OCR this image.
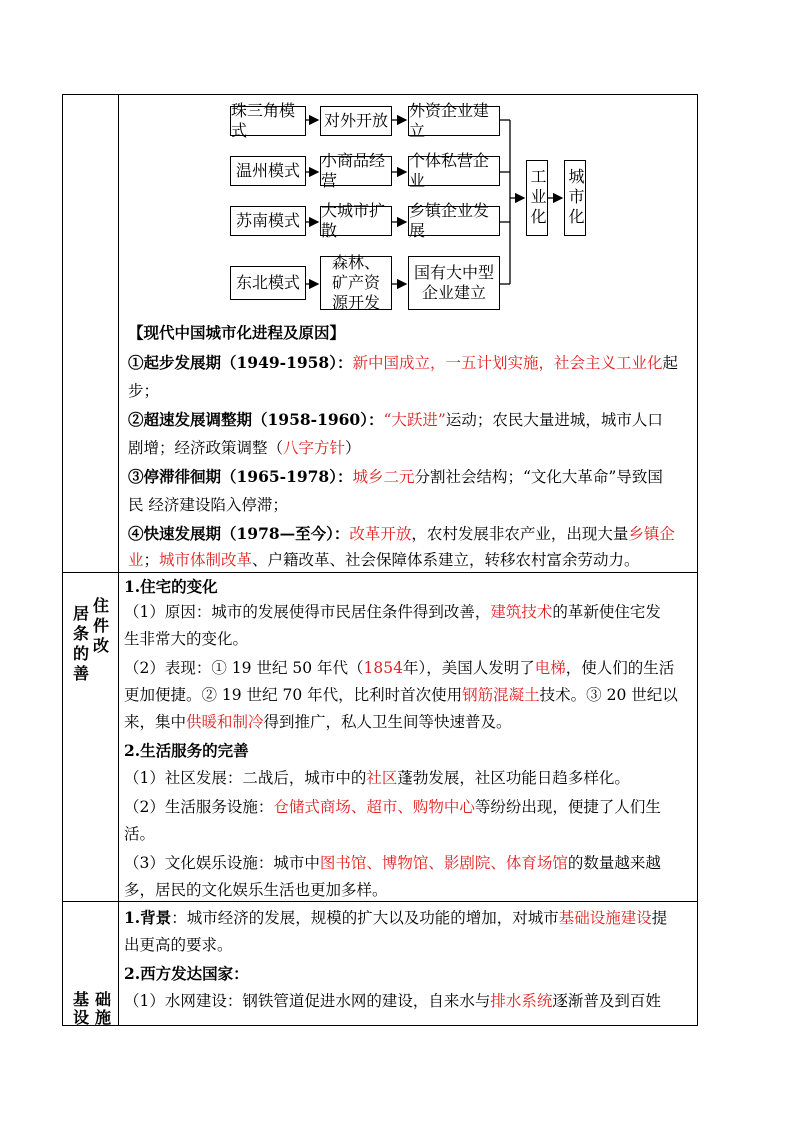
珠三角模式
对外开放
外资企业建立
温州模式
小商品经营
个体私营企业
苏南模式
大城市扩散
乡镇企业发展
东北模式
森林、矿产资源开发
国有大中型企业建立
工业化 城市化
【现代中国城市化进程及原因】
①起步发展期（1949-1958）：新中国成立，一五计划实施，社会主义工业化起
步；
②超速发展调整期（1958-1960）：“大跃进”运动；农民大量进城，城市人口
剧增；经济政策调整（八字方针）
③停滞徘徊期（1965-1978）：城乡二元分割社会结构；“文化大革命”导致国
民 经济建设陷入停滞；
④快速发展期（1978—至今）：改革开放，农村发展非农产业，出现大量乡镇企
业；城市体制改革、户籍改革、社会保障体系建立，转移农村富余劳动力。
居 住
条 件
的 改
善
1.住宅的变化
（1）原因：城市的发展使得市民居住条件得到改善，建筑技术的革新使住宅发
生非常大的变化。
（2）表现：① 19 世纪 50 年代（1854年），美国人发明了电梯，使人们的生活
更加便捷。② 19 世纪 70 年代，比利时首次使用钢筋混凝土技术。③ 20 世纪以
来，集中供暖和制冷得到推广，私人卫生间等快速普及。
2.生活服务的完善
（1）社区发展：二战后，城市中的社区蓬勃发展，社区功能日趋多样化。
（2）生活服务设施：仓储式商场、超市、购物中心等纷纷出现，便捷了人们生
活。
（3）文化娱乐设施：城市中图书馆、博物馆、影剧院、体育场馆的数量越来越
多，居民的文化娱乐生活也更加多样。
基 础
设 施
1.背景：城市经济的发展，规模的扩大以及功能的增加，对城市基础设施建设提
出更高的要求。
2.西方发达国家：
（1）水网建设：钢铁管道促进水网的建设，自来水与排水系统逐渐普及到百姓
